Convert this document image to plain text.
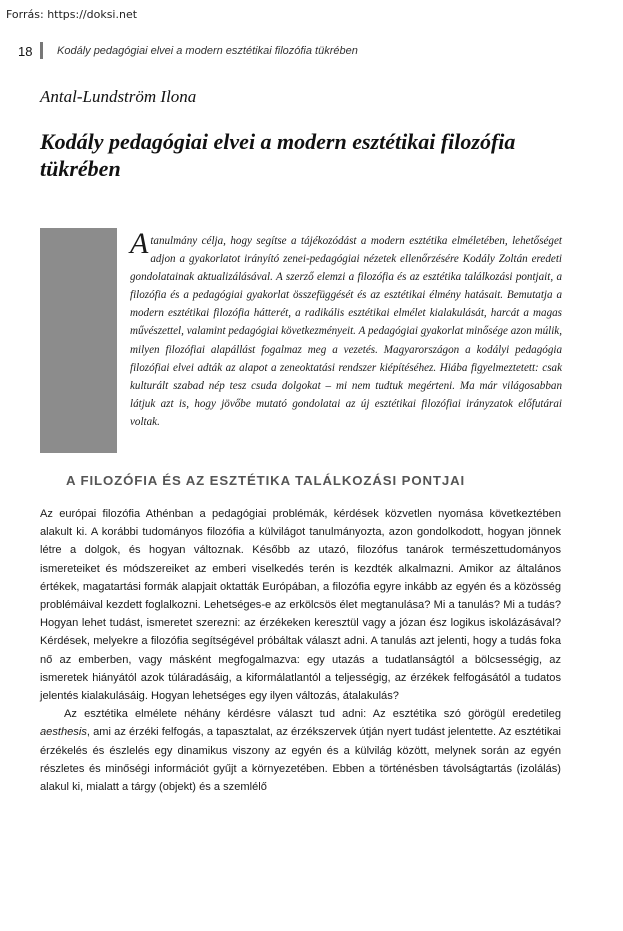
Forrás: https://doksi.net
18 Kodály pedagógiai elvei a modern esztétikai filozófia tükrében
Antal-Lundström Ilona
Kodály pedagógiai elvei a modern esztétikai filozófia tükrében

A tanulmány célja, hogy segítse a tájékozódást a modern esztétika elméletében, lehetőséget adjon a gyakorlatot irányító zenei-pedagógiai nézetek ellenőrzésére Kodály Zoltán eredeti gondolatainak aktualizálásával. A szerző elemzi a filozófia és az esztétika találkozási pontjait, a filozófia és a pedagógiai gyakorlat összefüggését és az esztétikai élmény hatásait. Bemutatja a modern esztétikai filozófia hátterét, a radikális esztétikai elmélet kialakulását, harcát a magas művészettel, valamint pedagógiai következményeit. A pedagógiai gyakorlat minősége azon múlik, milyen filozófiai alapállást fogalmaz meg a vezetés. Magyarországon a kodályi pedagógia filozófiai elvei adták az alapot a zeneoktatási rendszer kiépítéséhez. Hiába figyelmeztetett: csak kulturált szabad nép tesz csuda dolgokat – mi nem tudtuk megérteni. Ma már világosabban látjuk azt is, hogy jövőbe mutató gondolatai az új esztétikai filozófiai irányzatok előfutárai voltak.

A FILOZÓFIA ÉS AZ ESZTÉTIKA TALÁLKOZÁSI PONTJAI

Az európai filozófia Athénban a pedagógiai problémák, kérdések közvetlen nyomása következtében alakult ki. A korábbi tudományos filozófia a külvilágot tanulmányozta, azon gondolkodott, hogyan jönnek létre a dolgok, és hogyan változnak. Később az utazó, filozófus tanárok természettudományos ismereteiket és módszereiket az emberi viselkedés terén is kezdték alkalmazni. Amikor az általános értékek, magatartási formák alapjait oktatták Európában, a filozófia egyre inkább az egyén és a közösség problémáival kezdett foglalkozni. Lehetséges-e az erkölcsös élet megtanulása? Mi a tanulás? Mi a tudás? Hogyan lehet tudást, ismeretet szerezni: az érzékeken keresztül vagy a józan ész logikus iskolázásával? Kérdések, melyekre a filozófia segítségével próbáltak választ adni. A tanulás azt jelenti, hogy a tudás foka nő az emberben, vagy másként megfogalmazva: egy utazás a tudatlanságtól a bölcsességig, az ismeretek hiányától azok túláradásáig, a kiformálatlantól a teljességig, az érzékek felfogásától a tudatos jelentés kialakulásáig. Hogyan lehetséges egy ilyen változás, átalakulás?

Az esztétika elmélete néhány kérdésre választ tud adni: Az esztétika szó görögül eredetileg aesthesis, ami az érzéki felfogás, a tapasztalat, az érzékszervek útján nyert tudást jelentette. Az esztétikai érzékelés és észlelés egy dinamikus viszony az egyén és a külvilág között, melynek során az egyén részletes és minőségi információt gyűjt a környezetében. Ebben a történésben távolságtartás (izolálás) alakul ki, mialatt a tárgy (objekt) és a szemlélő
